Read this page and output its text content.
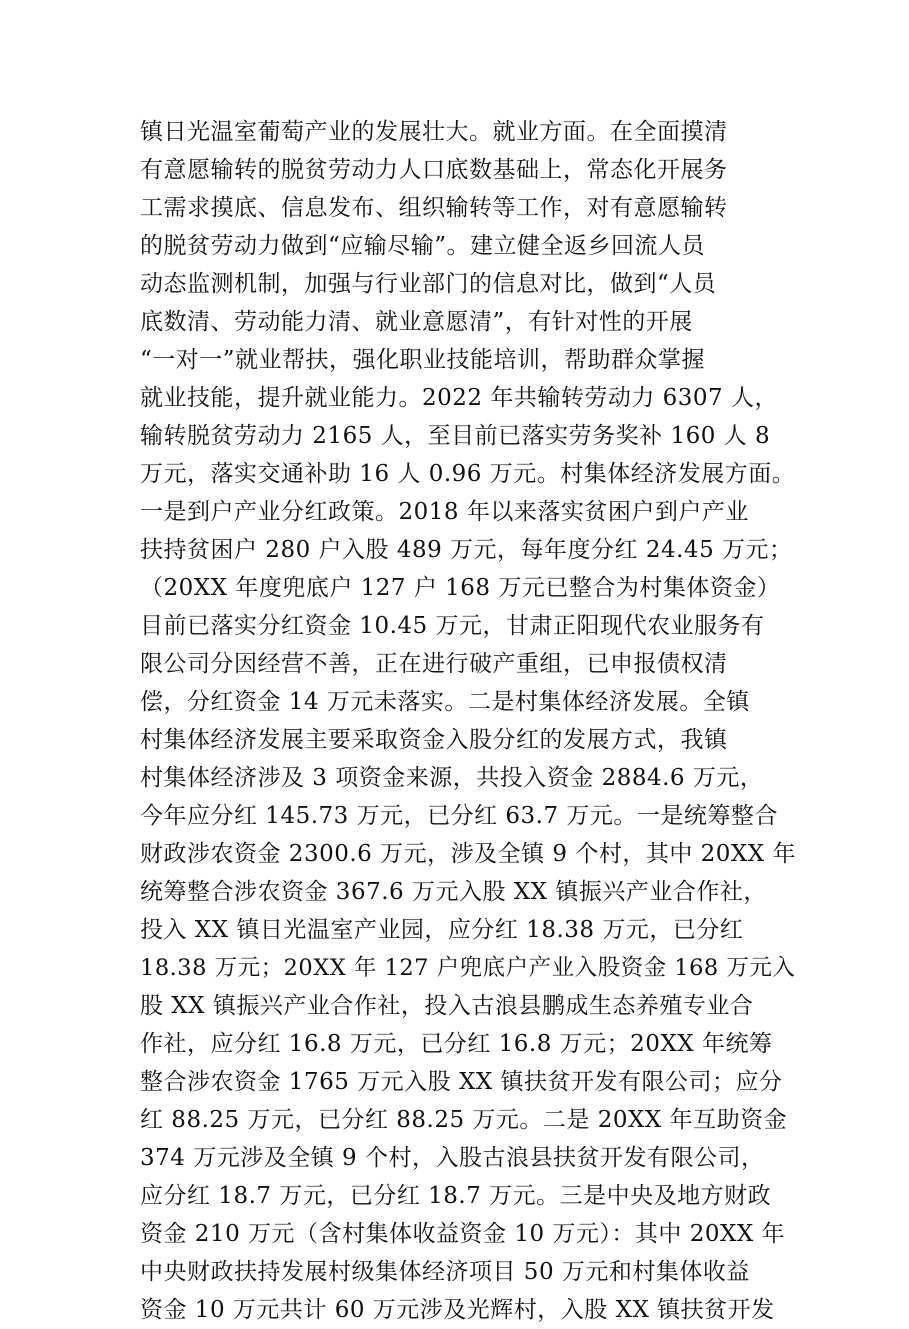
镇日光温室葡萄产业的发展壮大。就业方面。在全面摸清
有意愿输转的脱贫劳动力人口底数基础上，常态化开展务
工需求摸底、信息发布、组织输转等工作，对有意愿输转
的脱贫劳动力做到“应输尽输”。建立健全返乡回流人员
动态监测机制，加强与行业部门的信息对比，做到“人员
底数清、劳动能力清、就业意愿清”，有针对性的开展
“一对一”就业帮扶，强化职业技能培训，帮助群众掌握
就业技能，提升就业能力。2022 年共输转劳动力 6307 人，
输转脱贫劳动力 2165 人，至目前已落实劳务奖补 160 人 8
万元，落实交通补助 16 人 0.96 万元。村集体经济发展方面。
一是到户产业分红政策。2018 年以来落实贫困户到户产业
扶持贫困户 280 户入股 489 万元，每年度分红 24.45 万元；
（20XX 年度兜底户 127 户 168 万元已整合为村集体资金）
目前已落实分红资金 10.45 万元，甘肃正阳现代农业服务有
限公司分因经营不善，正在进行破产重组，已申报债权清
偿，分红资金 14 万元未落实。二是村集体经济发展。全镇
村集体经济发展主要采取资金入股分红的发展方式，我镇
村集体经济涉及 3 项资金来源，共投入资金 2884.6 万元，
今年应分红 145.73 万元，已分红 63.7 万元。一是统筹整合
财政涉农资金 2300.6 万元，涉及全镇 9 个村，其中 20XX 年
统筹整合涉农资金 367.6 万元入股 XX 镇振兴产业合作社，
投入 XX 镇日光温室产业园，应分红 18.38 万元，已分红
18.38 万元；20XX 年 127 户兜底户产业入股资金 168 万元入
股 XX 镇振兴产业合作社，投入古浪县鹏成生态养殖专业合
作社，应分红 16.8 万元，已分红 16.8 万元；20XX 年统筹
整合涉农资金 1765 万元入股 XX 镇扶贫开发有限公司；应分
红 88.25 万元，已分红 88.25 万元。二是 20XX 年互助资金
374 万元涉及全镇 9 个村，入股古浪县扶贫开发有限公司，
应分红 18.7 万元，已分红 18.7 万元。三是中央及地方财政
资金 210 万元（含村集体收益资金 10 万元）：其中 20XX 年
中央财政扶持发展村级集体经济项目 50 万元和村集体收益
资金 10 万元共计 60 万元涉及光辉村，入股 XX 镇扶贫开发
